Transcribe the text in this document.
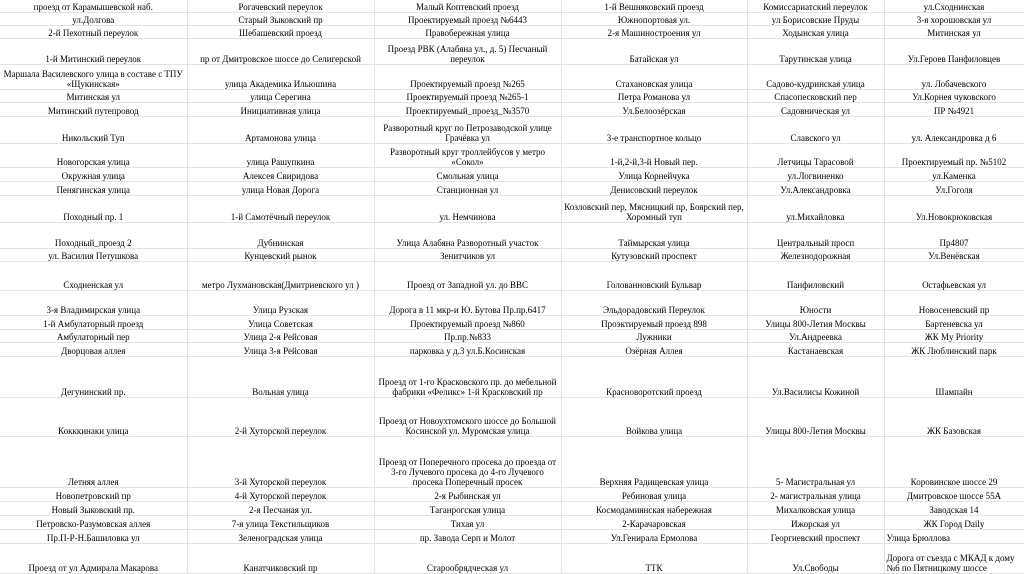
проезд от Карамышевской наб.	Рогачевский переулок	Малый Коптевский проезд	1-й Вешняковский проезд	Комиссариатский переулок	ул.Сходнинская
ул.Долгова	Старый Зыковский пр	Проектируемый проезд №6443	Южнопортовая ул.	ул Борисовские Пруды	3-я хорошовская ул
2-й Пехотный переулок	Шебашевский проезд	Правобережная улица	2-я Машиностроения ул	Ходынская улица	Митинская ул
1-й Митинский переулок	пр от Дмитровское шоссе до Селигерской	Проезд РВК (Алабяна ул., д. 5) Песчаный переулок	Батайская ул	Тарутинская улица	Ул.Героев Панфиловцев
Маршала Василевского улица в составе с ТПУ «Щукинская»	улица Академика Ильюшина	Проектируемый проезд №265	Стахановская улица	Садово-кудринская улица	ул. Лобачевского
Митинская ул	улица Серегина	Проектируемый проезд №265-1	Петра Романова ул	Спасопесковский пер	Ул.Корнея чуковского
Митинский путепровод	Инициативная улица	Проектируемый_проезд_№3570	Ул.Белоозёрская	Садовническая ул	ПР №4921
Никольский Туп	Артамонова улица	Разворотный круг по Петрозаводской улице Грачёвка ул	3-е транспортное кольцо	Славского ул	ул. Александровка д 6
Новогорская улица	улица Рашупкина	Разворотный круг троллейбусов у метро «Сокол»	1-й,2-й,3-й Новый пер.	Летчицы Тарасовой	Проектируемый пр. №5102
Окружная улица	Алексея Свиридова	Смольная улица	Улица Корнейчука	ул.Логвиненко	ул.Каменка
Пенягинская улица	улица Новая Дорога	Станционная ул	Денисовский переулок	Ул.Александровка	Ул.Гоголя
Походный пр. 1	1-й Самотёчный переулок	ул. Немчинова	Козловский пер, Мясницкий пр, Боярский пер, Хоромный туп	ул.Михайловка	Ул.Новокрюковская
Походный_проезд 2	Дубнинская	Улица Алабяна Разворотный участок	Таймырская улица	Центральный просп	Пр4807
ул. Василия Петушкова	Кунцевский рынок	Зенитчиков ул	Кутузовский проспект	Железнодорожная	Ул.Венёвская
Сходненская ул	метро Лухмановская(Дмитриевского ул )	Проезд от Западной ул. до ВВС	Голованновский Бульвар	Панфиловский	Остафьевская ул
3-я Владимирская улица	Улица Рузская	Дорога в 11 мкр-и Ю. Бутова Пр.пр.6417	Эльдорадовский Переулок	Юности	Новосеневский пр
1-й Амбулаторный проезд	Улица Советская	Проектируемый проезд №860	Проэктируемый проезд 898	Улицы 800-Летия Москвы	Бартеневска ул
Амбулаторный пер	Улица 2-я Рейсовая	Пр.пр.№833	Лужники	Ул.Андреевка	ЖК My Priority
Дворцовая аллея	Улица 3-я Рейсовая	парковка у д.3 ул.Б.Косинская	Озёрная Аллея	Кастанаевская	ЖК Люблинский парк
Дегунинский пр.	Вольная улица	Проезд от 1-го Красковского пр. до мебельной фабрики «Феликс» 1-й Красковский пр	Красноворотский проезд	Ул.Василисы Кожиной	Шампайн
Кокккинаки улица	2-й Хуторской переулок	Проезд от Новоухтомского шоссе до Большой Косинской ул. Муромская улица	Войкова улица	Улицы 800-Летия Москвы	ЖК Базовская
Летняя аллея	3-й Хуторской переулок	Проезд от Поперечного просека до проезда от 3-го Лучевого просека до 4-го Лучевого просека Поперечный просек	Верхняя Радищевская улица	5- Магистральная ул	Коровинское шоссе 29
Новопетровский пр	4-й Хуторской переулок	2-я Рыбинская ул	Ребиновая улица	2- магистральная улица	Дмитровское шоссе 55А
Новый Зыковский пр.	2-я Песчаная ул.	Таганрогская улица	Космодамиянская набережная	Михалковская улица	Заводская 14
Петровско-Разумовская аллея	7-я улица Текстильщиков	Тихая ул	2-Карачаровская	Ижорская ул	ЖК Город Daily
Пр.П-Р-Н.Башиловка ул	Зеленоградская улица	пр. Завода Серп и Молот	Ул.Генирала Ермолова	Георгиевский проспект	Улица Брюллова
Проезд от ул Адмирала Макарова	Канатчиковский пр	Старообрядческая ул	ТТК	Ул.Свободы	Дорога от съезда с МКАД к дому №6 по Пятницкому шоссе
